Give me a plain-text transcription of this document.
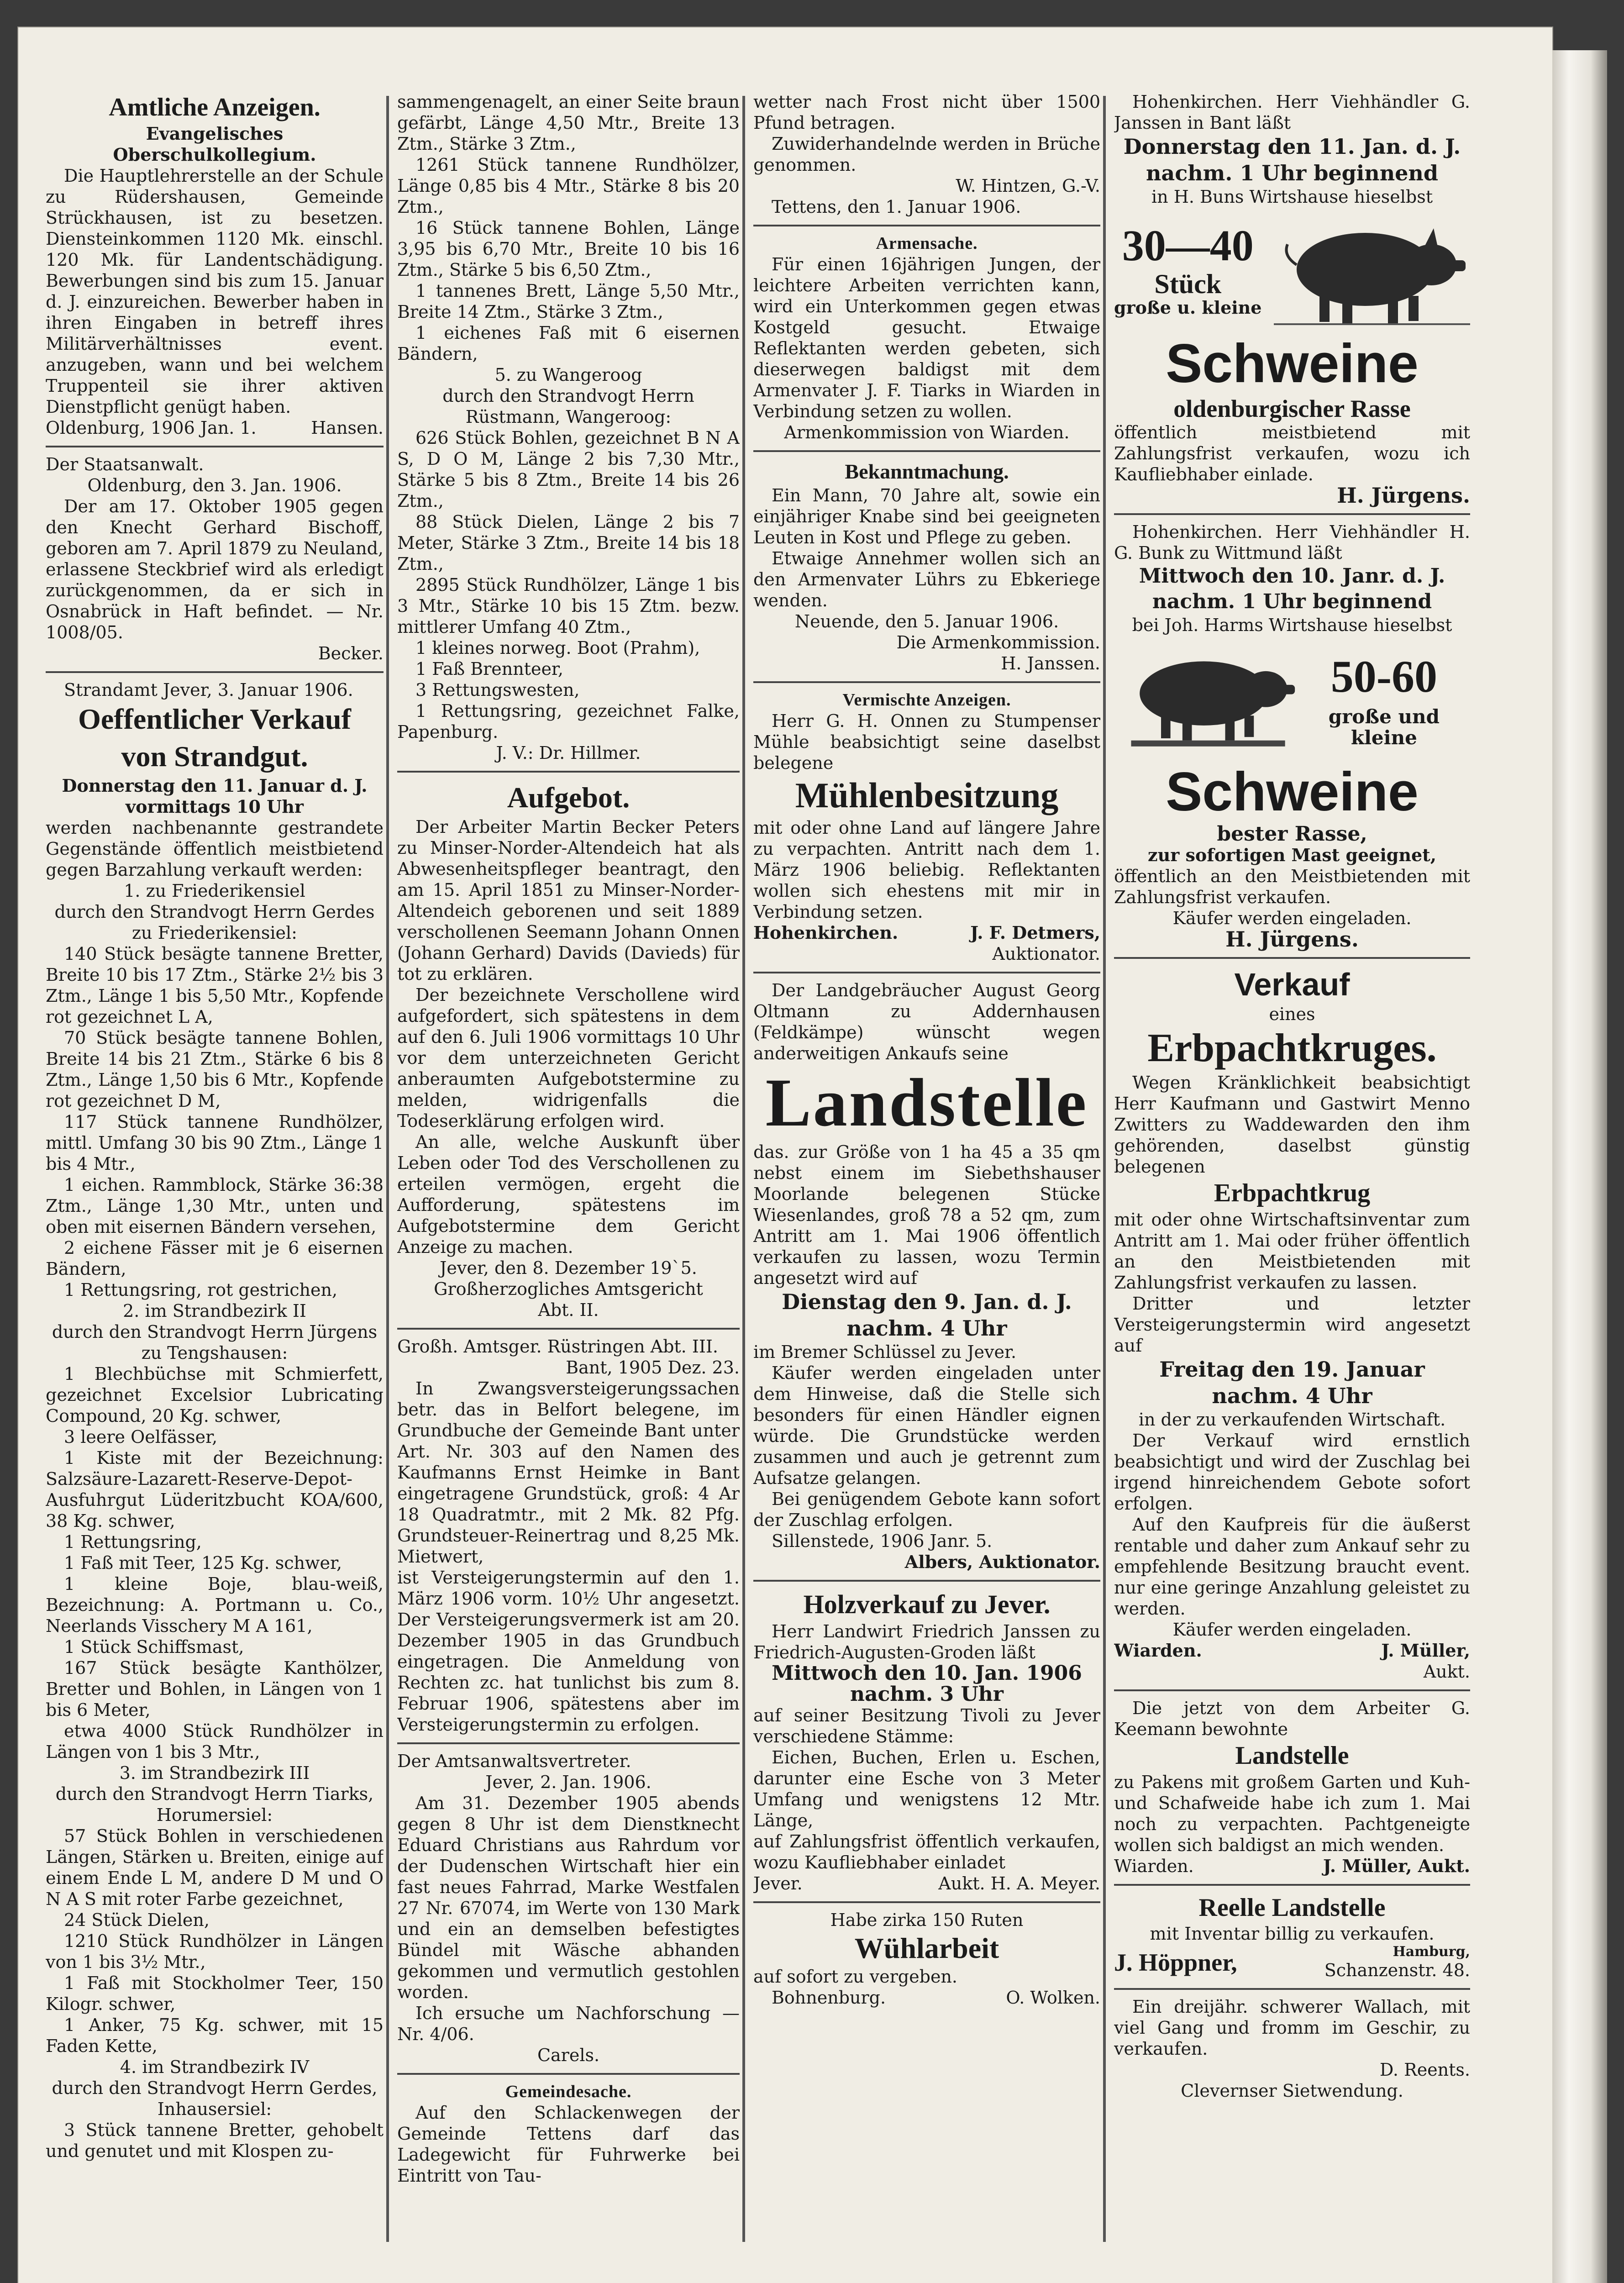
Amtliche Anzeigen.

Evangelisches Oberschulkollegium.

Die Hauptlehrerstelle an der Schule zu Rüdershausen, Gemeinde Strückhausen, ist zu besetzen. Diensteinkommen 1120 Mk. einschl. 120 Mk. für Landentschädigung. Bewerbungen sind bis zum 15. Januar d. J. einzureichen. Bewerber haben in ihren Eingaben in betreff ihres Militärverhältnisses event. anzugeben, wann und bei welchem Truppenteil sie ihrer aktiven Dienstpflicht genügt haben.

Oldenburg, 1906 Jan. 1.	Hansen.

Der Staatsanwalt.

Oldenburg, den 3. Jan. 1906.

Der am 17. Oktober 1905 gegen den Knecht Gerhard Bischoff, geboren am 7. April 1879 zu Neuland, erlassene Steckbrief wird als erledigt zurückgenommen, da er sich in Osnabrück in Haft befindet. — Nr. 1008/05.

Becker.

Strandamt Jever, 3. Januar 1906.

Oeffentlicher Verkauf
von Strandgut.

Donnerstag den 11. Januar d. J.

vormittags 10 Uhr

werden nachbenannte gestrandete Gegenstände öffentlich meistbietend gegen Barzahlung verkauft werden:

1. zu Friederikensiel

durch den Strandvogt Herrn Gerdes zu Friederikensiel:

140 Stück besägte tannene Bretter, Breite 10 bis 17 Ztm., Stärke 2½ bis 3 Ztm., Länge 1 bis 5,50 Mtr., Kopfende rot gezeichnet L A,

70 Stück besägte tannene Bohlen, Breite 14 bis 21 Ztm., Stärke 6 bis 8 Ztm., Länge 1,50 bis 6 Mtr., Kopfende rot gezeichnet D M,

117 Stück tannene Rundhölzer, mittl. Umfang 30 bis 90 Ztm., Länge 1 bis 4 Mtr.,

1 eichen. Rammblock, Stärke 36:38 Ztm., Länge 1,30 Mtr., unten und oben mit eisernen Bändern versehen,

2 eichene Fässer mit je 6 eisernen Bändern,

1 Rettungsring, rot gestrichen,

2. im Strandbezirk II

durch den Strandvogt Herrn Jürgens zu Tengshausen:

1 Blechbüchse mit Schmierfett, gezeichnet Excelsior Lubricating Compound, 20 Kg. schwer,

3 leere Oelfässer,

1 Kiste mit der Bezeichnung: Salzsäure-Lazarett-Reserve-Depot-Ausfuhrgut Lüderitzbucht KOA/600, 38 Kg. schwer,

1 Rettungsring,

1 Faß mit Teer, 125 Kg. schwer,

1 kleine Boje, blau-weiß, Bezeichnung: A. Portmann u. Co., Neerlands Visschery M A 161,

1 Stück Schiffsmast,

167 Stück besägte Kanthölzer, Bretter und Bohlen, in Längen von 1 bis 6 Meter,

etwa 4000 Stück Rundhölzer in Längen von 1 bis 3 Mtr.,

3. im Strandbezirk III

durch den Strandvogt Herrn Tiarks, Horumersiel:

57 Stück Bohlen in verschiedenen Längen, Stärken u. Breiten, einige auf einem Ende L M, andere D M und O N A S mit roter Farbe gezeichnet,

24 Stück Dielen,

1210 Stück Rundhölzer in Längen von 1 bis 3½ Mtr.,

1 Faß mit Stockholmer Teer, 150 Kilogr. schwer,

1 Anker, 75 Kg. schwer, mit 15 Faden Kette,

4. im Strandbezirk IV

durch den Strandvogt Herrn Gerdes, Inhausersiel:

3 Stück tannene Bretter, gehobelt und genutet und mit Klospen zu-

sammengenagelt, an einer Seite braun gefärbt, Länge 4,50 Mtr., Breite 13 Ztm., Stärke 3 Ztm.,

1261 Stück tannene Rundhölzer, Länge 0,85 bis 4 Mtr., Stärke 8 bis 20 Ztm.,

16 Stück tannene Bohlen, Länge 3,95 bis 6,70 Mtr., Breite 10 bis 16 Ztm., Stärke 5 bis 6,50 Ztm.,

1 tannenes Brett, Länge 5,50 Mtr., Breite 14 Ztm., Stärke 3 Ztm.,

1 eichenes Faß mit 6 eisernen Bändern,

5. zu Wangeroog

durch den Strandvogt Herrn Rüstmann, Wangeroog:

626 Stück Bohlen, gezeichnet B N A S, D O M, Länge 2 bis 7,30 Mtr., Stärke 5 bis 8 Ztm., Breite 14 bis 26 Ztm.,

88 Stück Dielen, Länge 2 bis 7 Meter, Stärke 3 Ztm., Breite 14 bis 18 Ztm.,

2895 Stück Rundhölzer, Länge 1 bis 3 Mtr., Stärke 10 bis 15 Ztm. bezw. mittlerer Umfang 40 Ztm.,

1 kleines norweg. Boot (Prahm),

1 Faß Brenntеer,

3 Rettungswesten,

1 Rettungsring, gezeichnet Falke, Papenburg.

J. V.: Dr. Hillmer.

Aufgebot.

Der Arbeiter Martin Becker Peters zu Minser-Norder-Altendeich hat als Abwesenheitspfleger beantragt, den am 15. April 1851 zu Minser-Norder-Altendeich geborenen und seit 1889 verschollenen Seemann Johann Onnen (Johann Gerhard) Davids (Daviеds) für tot zu erklären.

Der bezeichnete Verschollene wird aufgefordert, sich spätestens in dem auf den 6. Juli 1906 vormittags 10 Uhr vor dem unterzeichneten Gericht anberaumten Aufgebotstermine zu melden, widrigenfalls die Todeserklärung erfolgen wird.

An alle, welche Auskunft über Leben oder Tod des Verschollenen zu erteilen vermögen, ergeht die Aufforderung, spätestens im Aufgebotstermine dem Gericht Anzeige zu machen.

Jever, den 8. Dezember 19`5.

Großherzogliches Amtsgericht

Abt. II.

Großh. Amtsger. Rüstringen Abt. III.

Bant, 1905 Dez. 23.

In Zwangsversteigerungssachen betr. das in Belfort belegene, im Grundbuche der Gemeinde Bant unter Art. Nr. 303 auf den Namen des Kaufmanns Ernst Heimke in Bant eingetragene Grundstück, groß: 4 Ar 18 Quadratmtr., mit 2 Mk. 82 Pfg. Grundsteuer-Reinertrag und 8,25 Mk. Mietwert,

ist Versteigerungstermin auf den 1. März 1906 vorm. 10½ Uhr angesetzt. Der Versteigerungsvermerk ist am 20. Dezember 1905 in das Grundbuch eingetragen. Die Anmeldung von Rechten zc. hat tunlichst bis zum 8. Februar 1906, spätestens aber im Versteigerungstermin zu erfolgen.

Der Amtsanwaltsvertreter.

Jever, 2. Jan. 1906.

Am 31. Dezember 1905 abends gegen 8 Uhr ist dem Dienstknecht Eduard Christians aus Rahrdum vor der Dudenschen Wirtschaft hier ein fast neues Fahrrad, Marke Westfalen 27 Nr. 67074, im Werte von 130 Mark und ein an demselben befestigtes Bündel mit Wäsche abhanden gekommen und vermutlich gestohlen worden.

Ich ersuche um Nachforschung — Nr. 4/06.

Carels.

Gemeindesache.

Auf den Schlackenwegen der Gemeinde Tettens darf das Ladegewicht für Fuhrwerke bei Eintritt von Tau-

wetter nach Frost nicht über 1500 Pfund betragen.

Zuwiderhandelnde werden in Brüche genommen.

W. Hintzen, G.-V.

Tettens, den 1. Januar 1906.

Armensache.

Für einen 16jährigen Jungen, der leichtere Arbeiten verrichten kann, wird ein Unterkommen gegen etwas Kostgeld gesucht. Etwaige Reflektanten werden gebeten, sich dieserwegen baldigst mit dem Armenvater J. F. Tiarks in Wiarden in Verbindung setzen zu wollen.

Armenkommission von Wiarden.

Bekanntmachung.

Ein Mann, 70 Jahre alt, sowie ein einjähriger Knabe sind bei geeigneten Leuten in Kost und Pflege zu geben.

Etwaige Annehmer wollen sich an den Armenvater Lührs zu Ebkeriege wenden.

Neuende, den 5. Januar 1906.

Die Armenkommission.

H. Janssen.

Vermischte Anzeigen.

Herr G. H. Onnen zu Stumpenser Mühle beabsichtigt seine daselbst belegene

Mühlenbesitzung

mit oder ohne Land auf längere Jahre zu verpachten. Antritt nach dem 1. März 1906 beliebig. Reflektanten wollen sich ehestens mit mir in Verbindung setzen.

Hohenkirchen.	J. F. Detmers,

Auktionator.

Der Landgebräucher August Georg Oltmann zu Addernhausen (Feldkämpe) wünscht wegen anderweitigen Ankaufs seine

Landstelle

das. zur Größe von 1 ha 45 a 35 qm nebst einem im Siebethshauser Moorlande belegenen Stücke Wiesenlandes, groß 78 a 52 qm, zum Antritt am 1. Mai 1906 öffentlich verkaufen zu lassen, wozu Termin angesetzt wird auf

Dienstag den 9. Jan. d. J.

nachm. 4 Uhr

im Bremer Schlüssel zu Jever.

Käufer werden eingeladen unter dem Hinweise, daß die Stelle sich besonders für einen Händler eignen würde. Die Grundstücke werden zusammen und auch je getrennt zum Aufsatze gelangen.

Bei genügendem Gebote kann sofort der Zuschlag erfolgen.

Sillenstede, 1906 Janr. 5.

Albers, Auktionator.

Holzverkauf zu Jever.

Herr Landwirt Friedrich Janssen zu Friedrich-Augusten-Groden läßt

Mittwoch den 10. Jan. 1906

nachm. 3 Uhr

auf seiner Besitzung Tivoli zu Jever verschiedene Stämme:

Eichen, Buchen, Erlen u. Eschen, darunter eine Esche von 3 Meter Umfang und wenigstens 12 Mtr. Länge,

auf Zahlungsfrist öffentlich verkaufen, wozu Kaufliebhaber einladet

Jever.	Aukt. H. A. Meyer.

Habe zirka 150 Ruten

Wühlarbeit

auf sofort zu vergeben.

Bohnenburg.	O. Wolken.

Hohenkirchen. Herr Viehhändler G. Janssen in Bant läßt

Donnerstag den 11. Jan. d. J.

nachm. 1 Uhr beginnend

in H. Buns Wirtshause hieselbst

30—40
Stück

große u. kleine

Schweine
oldenburgischer Rasse

öffentlich meistbietend mit Zahlungsfrist verkaufen, wozu ich Kaufliebhaber einlade.

H. Jürgens.

Hohenkirchen. Herr Viehhändler H. G. Bunk zu Wittmund läßt

Mittwoch den 10. Janr. d. J.

nachm. 1 Uhr beginnend

bei Joh. Harms Wirtshause hieselbst

50-60

große und kleine

Schweine

bester Rasse,

zur sofortigen Mast geeignet,

öffentlich an den Meistbietenden mit Zahlungsfrist verkaufen.

Käufer werden eingeladen.

H. Jürgens.

Verkauf

eines

Erbpachtkruges.

Wegen Kränklichkeit beabsichtigt Herr Kaufmann und Gastwirt Menno Zwitters zu Waddewarden den ihm gehörenden, daselbst günstig belegenen

Erbpachtkrug

mit oder ohne Wirtschaftsinventar zum Antritt am 1. Mai oder früher öffentlich an den Meistbietenden mit Zahlungsfrist verkaufen zu lassen.

Dritter und letzter Versteigerungstermin wird angesetzt auf

Freitag den 19. Januar

nachm. 4 Uhr

in der zu verkaufenden Wirtschaft.

Der Verkauf wird ernstlich beabsichtigt und wird der Zuschlag bei irgend hinreichendem Gebote sofort erfolgen.

Auf den Kaufpreis für die äußerst rentable und daher zum Ankauf sehr zu empfehlende Besitzung braucht event. nur eine geringe Anzahlung geleistet zu werden.

Käufer werden eingeladen.

Wiarden.	J. Müller,

Aukt.

Die jetzt von dem Arbeiter G. Keemann bewohnte

Landstelle

zu Pakens mit großem Garten und Kuh- und Schafweide habe ich zum 1. Mai noch zu verpachten. Pachtgeneigte wollen sich baldigst an mich wenden.

Wiarden.	J. Müller, Aukt.

Reelle Landstelle

mit Inventar billig zu verkaufen.

J. Höppner,	Hamburg,

Schanzenstr. 48.

Ein dreijähr. schwerer Wallach, mit viel Gang und fromm im Geschir, zu verkaufen.

D. Reents.

Clevernser Sietwendung.
